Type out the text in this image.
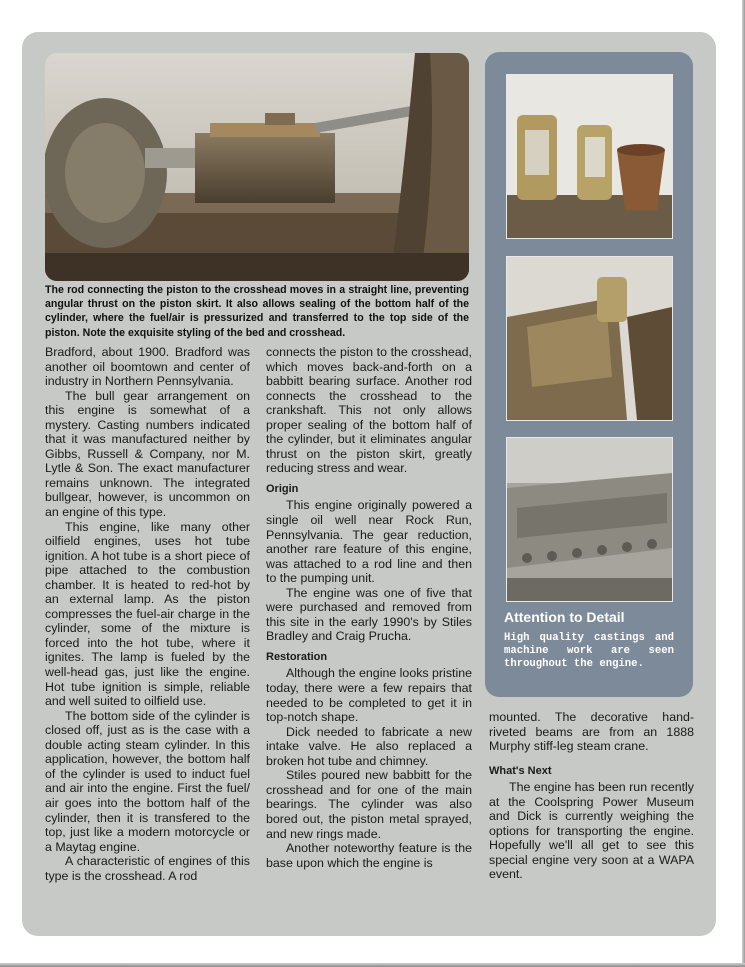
The rod connecting the piston to the crosshead moves in a straight line, preventing angular thrust on the piston skirt. It also allows sealing of the bottom half of the cylinder, where the fuel/air is pressurized and transferred to the top side of the piston. Note the exquisite styling of the bed and crosshead.

Bradford, about 1900. Bradford was another oil boomtown and center of industry in Northern Pennsylvania.

The bull gear arrangement on this engine is somewhat of a mystery. Casting numbers indicated that it was manufactured neither by Gibbs, Russell & Company, nor M. Lytle & Son. The exact manufacturer remains unknown. The integrated bullgear, however, is uncommon on an engine of this type.

This engine, like many other oilfield engines, uses hot tube ignition. A hot tube is a short piece of pipe attached to the combustion chamber. It is heated to red-hot by an external lamp. As the piston compresses the fuel-air charge in the cylinder, some of the mixture is forced into the hot tube, where it ignites. The lamp is fueled by the well-head gas, just like the engine. Hot tube ignition is simple, reliable and well suited to oilfield use.

The bottom side of the cylinder is closed off, just as is the case with a double acting steam cylinder. In this application, however, the bottom half of the cylinder is used to induct fuel and air into the engine. First the fuel/ air goes into the bottom half of the cylinder, then it is transfered to the top, just like a modern motorcycle or a Maytag engine.

A characteristic of engines of this type is the crosshead. A rod

connects the piston to the crosshead, which moves back-and-forth on a babbitt bearing surface. Another rod connects the crosshead to the crankshaft. This not only allows proper sealing of the bottom half of the cylinder, but it eliminates angular thrust on the piston skirt, greatly reducing stress and wear.

Origin

This engine originally powered a single oil well near Rock Run, Pennsylvania. The gear reduction, another rare feature of this engine, was attached to a rod line and then to the pumping unit.

The engine was one of five that were purchased and removed from this site in the early 1990's by Stiles Bradley and Craig Prucha.

Restoration

Although the engine looks pristine today, there were a few repairs that needed to be completed to get it in top-notch shape.

Dick needed to fabricate a new intake valve. He also replaced a broken hot tube and chimney.

Stiles poured new babbitt for the crosshead and for one of the main bearings. The cylinder was also bored out, the piston metal sprayed, and new rings made.

Another noteworthy feature is the base upon which the engine is

Attention to Detail

High quality castings and machine work are seen throughout the engine.

mounted. The decorative hand-riveted beams are from an 1888 Murphy stiff-leg steam crane.

What's Next

The engine has been run recently at the Coolspring Power Museum and Dick is currently weighing the options for transporting the engine. Hopefully we'll all get to see this special engine very soon at a WAPA event.
